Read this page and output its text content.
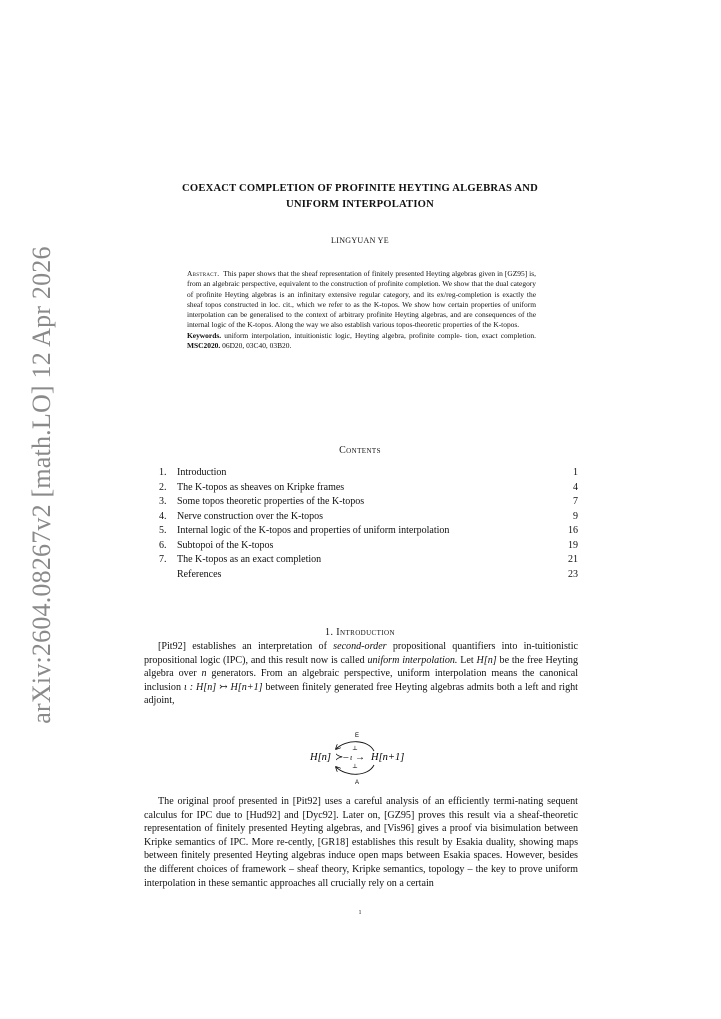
arXiv:2604.08267v2 [math.LO] 12 Apr 2026
COEXACT COMPLETION OF PROFINITE HEYTING ALGEBRAS AND
UNIFORM INTERPOLATION
LINGYUAN YE

Abstract. This paper shows that the sheaf representation of finitely presented Heyting algebras given in [GZ95] is, from an algebraic perspective, equivalent to the construction of profinite completion. We show that the dual category of profinite Heyting algebras is an infinitary extensive regular category, and its ex/reg-completion is exactly the sheaf topos constructed in loc. cit., which we refer to as the K-topos. We show how certain properties of uniform interpolation can be generalised to the context of arbitrary profinite Heyting algebras, and are consequences of the internal logic of the K-topos. Along the way we also establish various topos-theoretic properties of the K-topos.

Keywords. uniform interpolation, intuitionistic logic, Heyting algebra, profinite comple- tion, exact completion. MSC2020. 06D20, 03C40, 03B20.

Contents
1.	Introduction	1
2.	The K-topos as sheaves on Kripke frames	4
3.	Some topos theoretic properties of the K-topos	7
4.	Nerve construction over the K-topos	9
5.	Internal logic of the K-topos and properties of uniform interpolation	16
6.	Subtopoi of the K-topos	19
7.	The K-topos as an exact completion	21
References	23
1. Introduction

[Pit92] establishes an interpretation of second-order propositional quantifiers into in-tuitionistic propositional logic (IPC), and this result now is called uniform interpolation. Let H[n] be the free Heyting algebra over n generators. From an algebraic perspective, uniform interpolation means the canonical inclusion ι : H[n] ↣ H[n+1] between finitely generated free Heyting algebras admits both a left and right adjoint,

E
⊥
H[n] ≻– ι → H[n+1]
⊥
A

The original proof presented in [Pit92] uses a careful analysis of an efficiently termi-nating sequent calculus for IPC due to [Hud92] and [Dyc92]. Later on, [GZ95] proves this result via a sheaf-theoretic representation of finitely presented Heyting algebras, and [Vis96] gives a proof via bisimulation between Kripke semantics of IPC. More re-cently, [GR18] establishes this result by Esakia duality, showing maps between finitely presented Heyting algebras induce open maps between Esakia spaces. However, besides the different choices of framework – sheaf theory, Kripke semantics, topology – the key to prove uniform interpolation in these semantic approaches all crucially rely on a certain

1
